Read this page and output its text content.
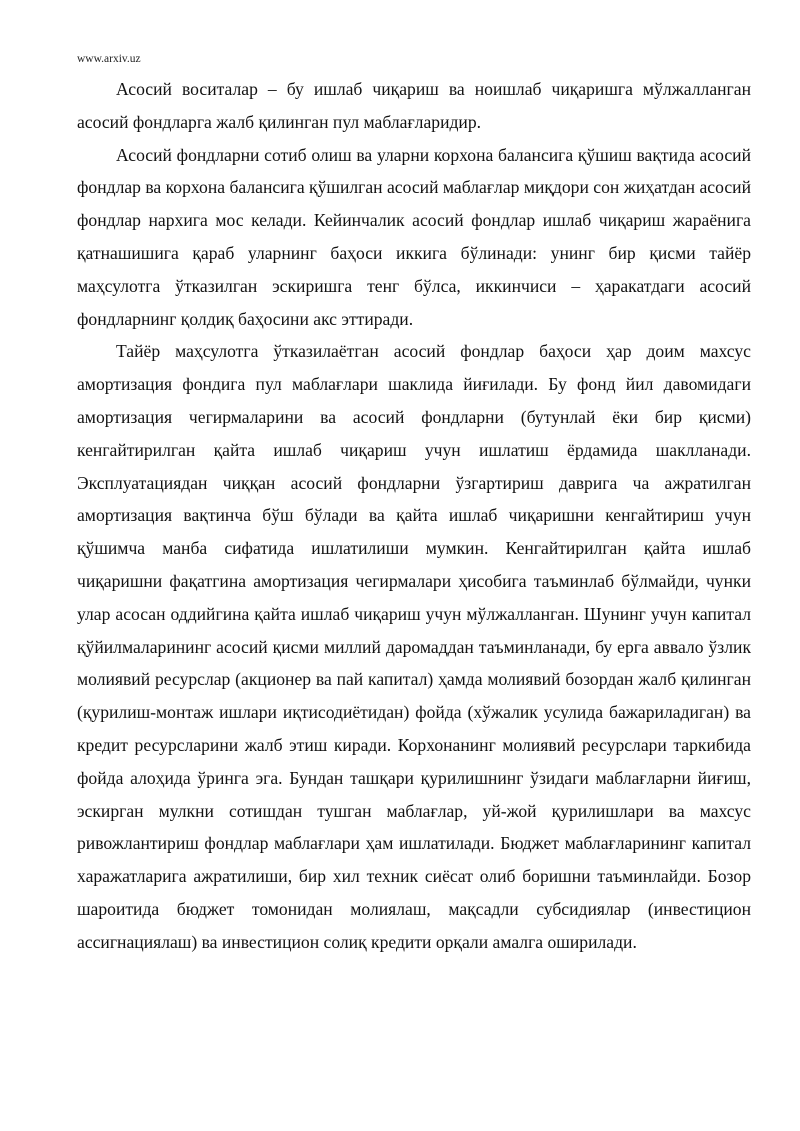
www.arxiv.uz

Асосий воситалар – бу ишлаб чиқариш ва ноишлаб чиқаришга мўлжалланган асосий фондларга жалб қилинган пул маблағларидир.

Асосий фондларни сотиб олиш ва уларни корхона балансига қўшиш вақтида асосий фондлар ва корхона балансига қўшилган асосий маблағлар миқдори сон жиҳатдан асосий фондлар нархига мос келади. Кейинчалик асосий фондлар ишлаб чиқариш жараёнига қатнашишига қараб уларнинг баҳоси иккига бўлинади: унинг бир қисми тайёр маҳсулотга ўтказилган эскиришга тенг бўлса, иккинчиси – ҳаракатдаги асосий фондларнинг қолдиқ баҳосини акс эттиради.

Тайёр маҳсулотга ўтказилаётган асосий фондлар баҳоси ҳар доим махсус амортизация фондига пул маблағлари шаклида йиғилади. Бу фонд йил давомидаги амортизация чегирмаларини ва асосий фондларни (бутунлай ёки бир қисми) кенгайтирилган қайта ишлаб чиқариш учун ишлатиш ёрдамида шаклланади. Эксплуатациядан чиққан асосий фондларни ўзгартириш даврига ча ажратилган амортизация вақтинча бўш бўлади ва қайта ишлаб чиқаришни кенгайтириш учун қўшимча манба сифатида ишлатилиши мумкин. Кенгайтирилган қайта ишлаб чиқаришни фақатгина амортизация чегирмалари ҳисобига таъминлаб бўлмайди, чунки улар асосан оддийгина қайта ишлаб чиқариш учун мўлжалланган. Шунинг учун капитал қўйилмаларининг асосий қисми миллий даромаддан таъминланади, бу ерга аввало ўзлик молиявий ресурслар (акционер ва пай капитал) ҳамда молиявий бозордан жалб қилинган (қурилиш-монтаж ишлари иқтисодиётидан) фойда (хўжалик усулида бажариладиган) ва кредит ресурсларини жалб этиш киради. Корхонанинг молиявий ресурслари таркибида фойда алоҳида ўринга эга. Бундан ташқари қурилишнинг ўзидаги маблағларни йиғиш, эскирган мулкни сотишдан тушган маблағлар, уй-жой қурилишлари ва махсус ривожлантириш фондлар маблағлари ҳам ишлатилади. Бюджет маблағларининг капитал харажатларига ажратилиши, бир хил техник сиёсат олиб боришни таъминлайди. Бозор шароитида бюджет томонидан молиялаш, мақсадли субсидиялар (инвестицион ассигнациялаш) ва инвестицион солиқ кредити орқали амалга оширилади.
